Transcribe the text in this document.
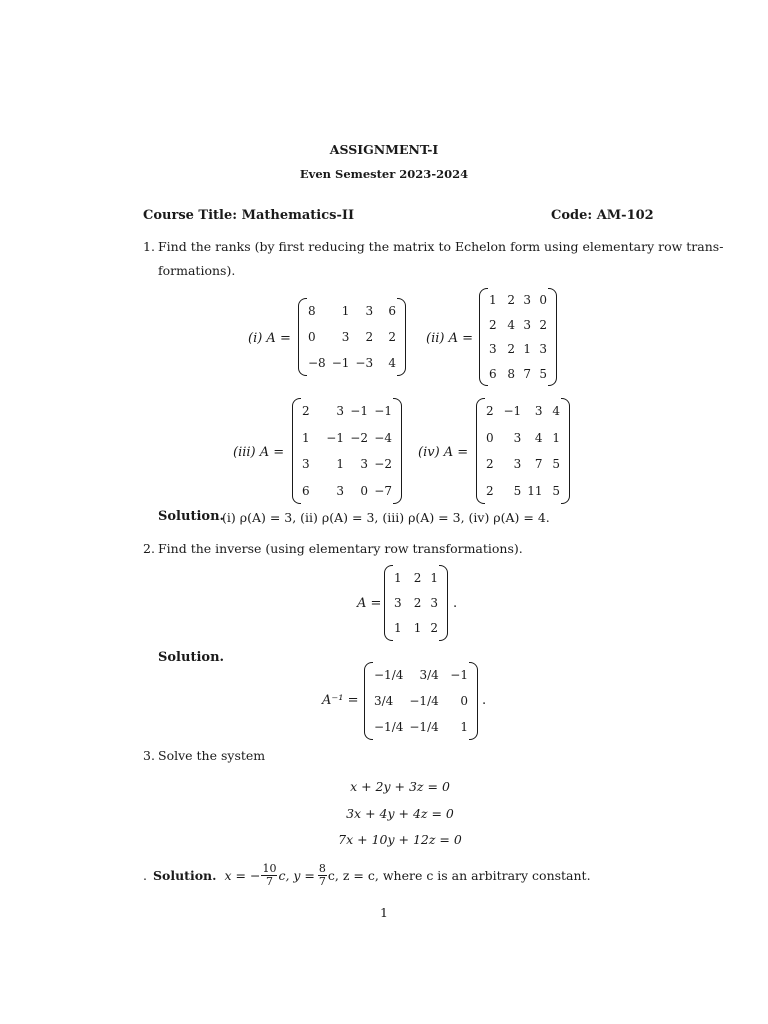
ASSIGNMENT-I
Even Semester 2023-2024
Course Title: Mathematics-II	Code: AM-102
1. Find the ranks (by first reducing the matrix to Echelon form using elementary row trans-
formations).
(i) A =
8	1	3	6
0	3	2	2
−8 −1 −3	4
(ii) A =
1 2 3 0
2 4 3 2
3 2 1 3
6 8 7 5
(iii) A =
2	3 −1 −1
1	−1 −2 −4
3	1	3 −2
6	3	0 −7
(iv) A =
2 −1	3 4
0	3	4 1
2	3	7 5
2	5 11 5
Solution.
(i) ρ(A) = 3, (ii) ρ(A) = 3, (iii) ρ(A) = 3, (iv) ρ(A) = 4.
2. Find the inverse (using elementary row transformations).
A =
1 2 1
3 2 3
1 1 2
.
Solution.
A⁻¹ =
−1/4	3/4 −1
3/4	−1/4	0
−1/4 −1/4	1
.
3. Solve the system
x + 2y + 3z = 0
3x + 4y + 4z = 0
7x + 10y + 12z = 0
. Solution. x = − $\frac{10}{7} c$, $y = \frac{8}{7} c$, z = c, where c is an arbitrary constant.
1
